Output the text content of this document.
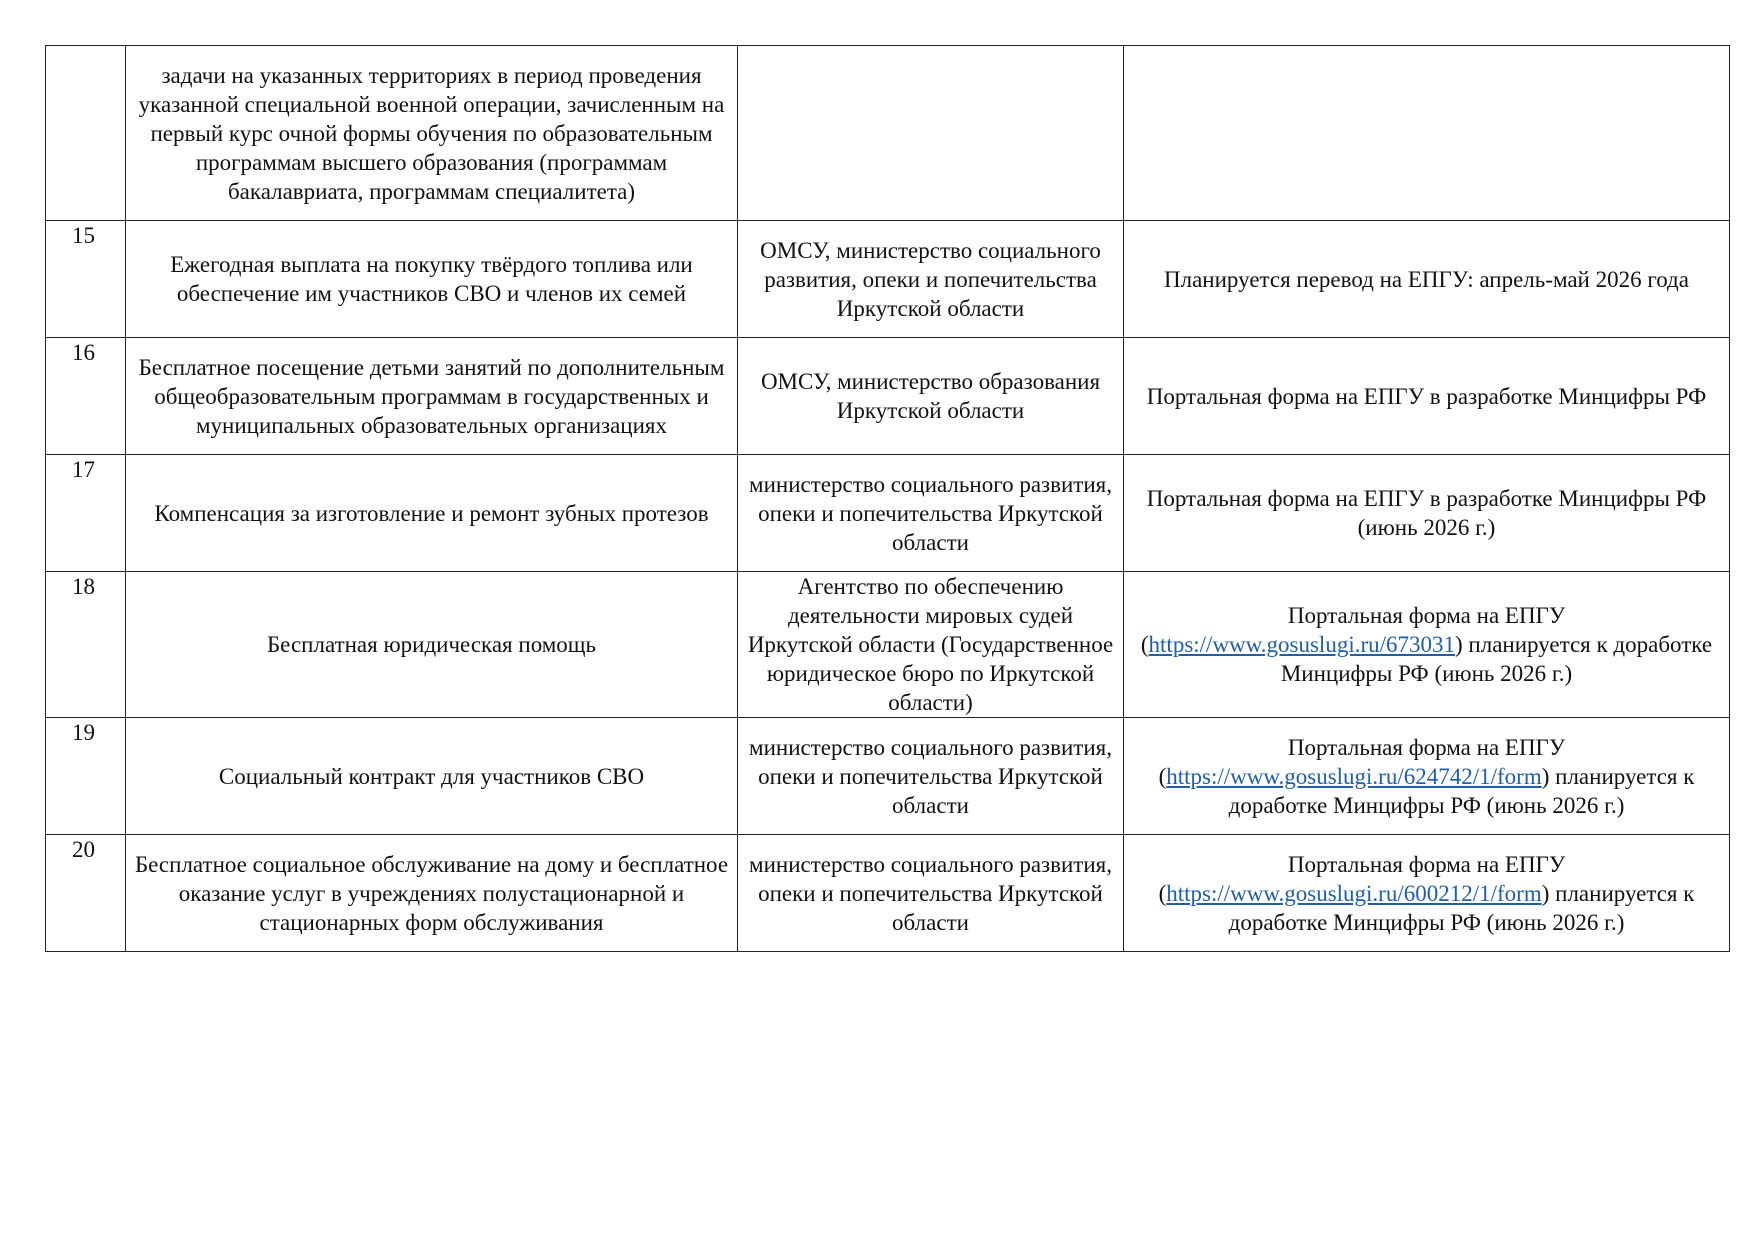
	задачи на указанных территориях в период проведения указанной специальной военной операции, зачисленным на первый курс очной формы обучения по образовательным программам высшего образования (программам бакалавриата, программам специалитета)		
15	Ежегодная выплата на покупку твёрдого топлива или обеспечение им участников СВО и членов их семей	ОМСУ, министерство социального развития, опеки и попечительства Иркутской области	Планируется перевод на ЕПГУ: апрель-май 2026 года
16	Бесплатное посещение детьми занятий по дополнительным общеобразовательным программам в государственных и муниципальных образовательных организациях	ОМСУ, министерство образования Иркутской области	Портальная форма на ЕПГУ в разработке Минцифры РФ
17	Компенсация за изготовление и ремонт зубных протезов	министерство социального развития, опеки и попечительства Иркутской области	Портальная форма на ЕПГУ в разработке Минцифры РФ (июнь 2026 г.)
18	Бесплатная юридическая помощь	Агентство по обеспечению деятельности мировых судей Иркутской области (Государственное юридическое бюро по Иркутской области)	Портальная форма на ЕПГУ (https://www.gosuslugi.ru/673031) планируется к доработке Минцифры РФ (июнь 2026 г.)
19	Социальный контракт для участников СВО	министерство социального развития, опеки и попечительства Иркутской области	Портальная форма на ЕПГУ (https://www.gosuslugi.ru/624742/1/form) планируется к доработке Минцифры РФ (июнь 2026 г.)
20	Бесплатное социальное обслуживание на дому и бесплатное оказание услуг в учреждениях полустационарной и стационарных форм обслуживания	министерство социального развития, опеки и попечительства Иркутской области	Портальная форма на ЕПГУ (https://www.gosuslugi.ru/600212/1/form) планируется к доработке Минцифры РФ (июнь 2026 г.)
